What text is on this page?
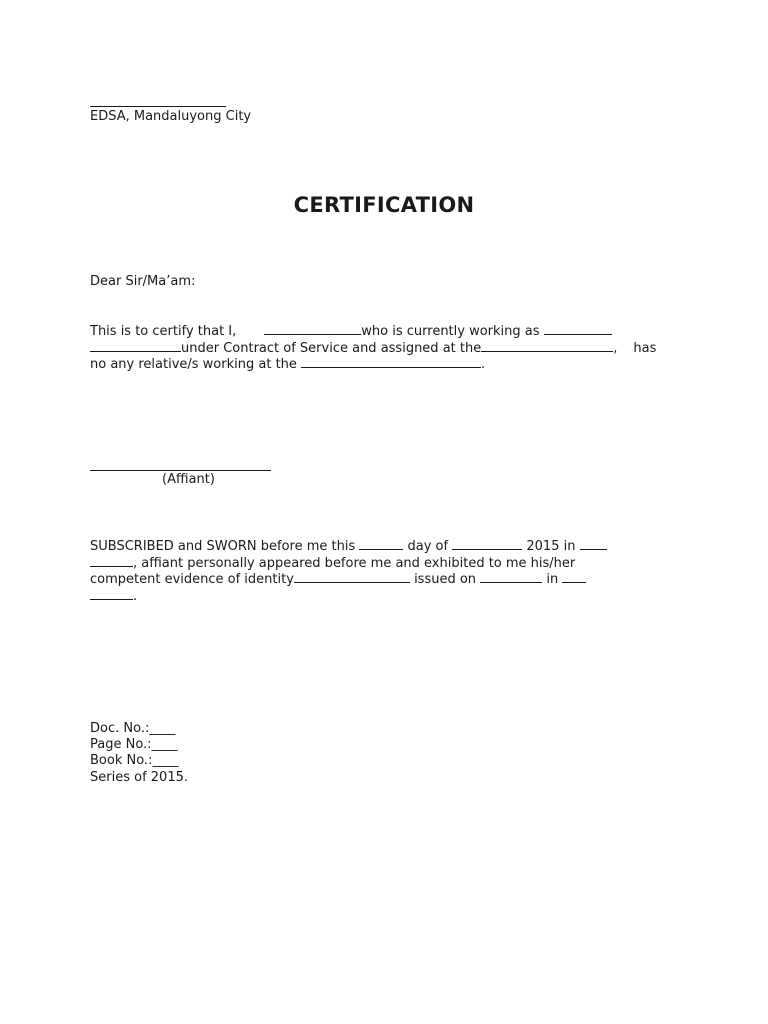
EDSA, Mandaluyong City
CERTIFICATION
Dear Sir/Ma’am:
This is to certify that I,	who is currently working as
under Contract of Service and assigned at the	, has
no any relative/s working at the	.
(Affiant)
SUBSCRIBED and SWORN before me this	day of	2015 in
, affiant personally appeared before me and exhibited to me his/her
competent evidence of identity	issued on	in
.
Doc. No.:____
Page No.:____
Book No.:____
Series of 2015.
